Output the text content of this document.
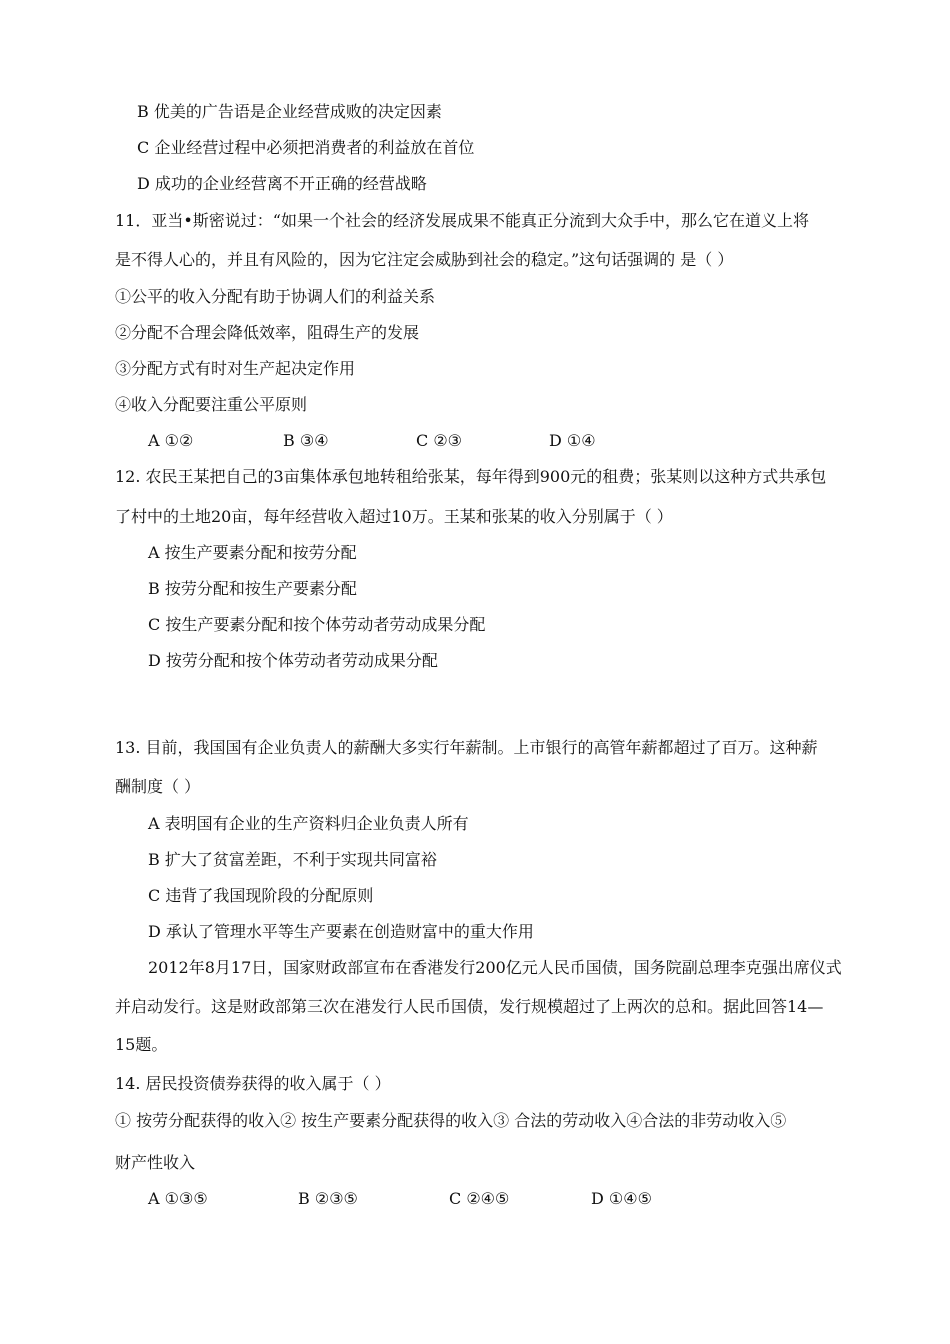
B 优美的广告语是企业经营成败的决定因素
C 企业经营过程中必须把消费者的利益放在首位
D 成功的企业经营离不开正确的经营战略
11．亚当•斯密说过：“如果一个社会的经济发展成果不能真正分流到大众手中，那么它在道义上将
是不得人心的，并且有风险的，因为它注定会威胁到社会的稳定。”这句话强调的 是（ ）
①公平的收入分配有助于协调人们的利益关系
②分配不合理会降低效率，阻碍生产的发展
③分配方式有时对生产起决定作用
④收入分配要注重公平原则
A ①②	B ③④	C ②③	D ①④
12. 农民王某把自己的3亩集体承包地转租给张某，每年得到900元的租费；张某则以这种方式共承包
了村中的土地20亩，每年经营收入超过10万。王某和张某的收入分别属于（ ）
A 按生产要素分配和按劳分配
B 按劳分配和按生产要素分配
C 按生产要素分配和按个体劳动者劳动成果分配
D 按劳分配和按个体劳动者劳动成果分配
13. 目前，我国国有企业负责人的薪酬大多实行年薪制。上市银行的高管年薪都超过了百万。这种薪
酬制度（ ）
A 表明国有企业的生产资料归企业负责人所有
B 扩大了贫富差距，不利于实现共同富裕
C 违背了我国现阶段的分配原则
D 承认了管理水平等生产要素在创造财富中的重大作用
2012年8月17日，国家财政部宣布在香港发行200亿元人民币国债，国务院副总理李克强出席仪式
并启动发行。这是财政部第三次在港发行人民币国债，发行规模超过了上两次的总和。据此回答14—
15题。
14. 居民投资债券获得的收入属于（ ）
① 按劳分配获得的收入② 按生产要素分配获得的收入③ 合法的劳动收入④合法的非劳动收入⑤
财产性收入
A ①③⑤	B ②③⑤	C ②④⑤	D ①④⑤
